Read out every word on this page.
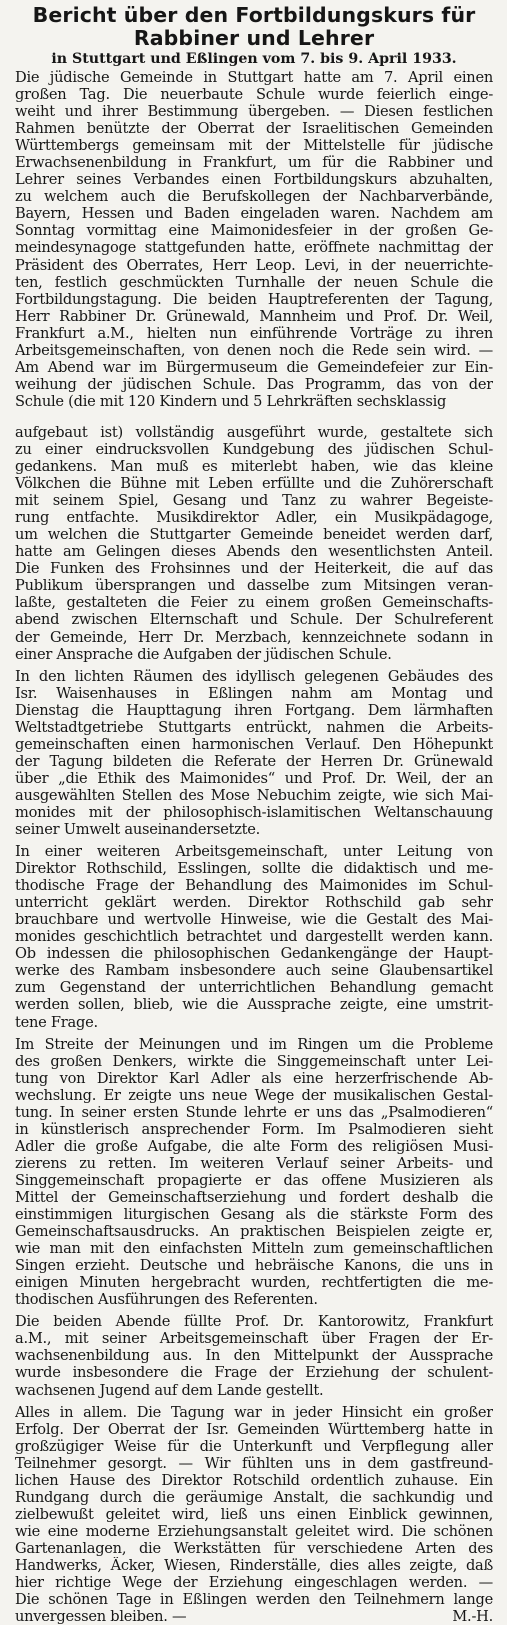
Bericht über den Fortbildungskurs für
Rabbiner und Lehrer
in Stuttgart und Eßlingen vom 7. bis 9. April 1933.
Die jüdische Gemeinde in Stuttgart hatte am 7. April einen
großen Tag. Die neuerbaute Schule wurde feierlich einge-
weiht und ihrer Bestimmung übergeben. — Diesen festlichen
Rahmen benützte der Oberrat der Israelitischen Gemeinden
Württembergs gemeinsam mit der Mittelstelle für jüdische
Erwachsenenbildung in Frankfurt, um für die Rabbiner und
Lehrer seines Verbandes einen Fortbildungskurs abzuhalten,
zu welchem auch die Berufskollegen der Nachbarverbände,
Bayern, Hessen und Baden eingeladen waren. Nachdem am
Sonntag vormittag eine Maimonidesfeier in der großen Ge-
meindesynagoge stattgefunden hatte, eröffnete nachmittag der
Präsident des Oberrates, Herr Leop. Levi, in der neuerrichte-
ten, festlich geschmückten Turnhalle der neuen Schule die
Fortbildungstagung. Die beiden Hauptreferenten der Tagung,
Herr Rabbiner Dr. Grünewald, Mannheim und Prof. Dr. Weil,
Frankfurt a.M., hielten nun einführende Vorträge zu ihren
Arbeitsgemeinschaften, von denen noch die Rede sein wird. —
Am Abend war im Bürgermuseum die Gemeindefeier zur Ein-
weihung der jüdischen Schule. Das Programm, das von der
Schule (die mit 120 Kindern und 5 Lehrkräften sechsklassig
aufgebaut ist) vollständig ausgeführt wurde, gestaltete sich
zu einer eindrucksvollen Kundgebung des jüdischen Schul-
gedankens. Man muß es miterlebt haben, wie das kleine
Völkchen die Bühne mit Leben erfüllte und die Zuhörerschaft
mit seinem Spiel, Gesang und Tanz zu wahrer Begeiste-
rung entfachte. Musikdirektor Adler, ein Musikpädagoge,
um welchen die Stuttgarter Gemeinde beneidet werden darf,
hatte am Gelingen dieses Abends den wesentlichsten Anteil.
Die Funken des Frohsinnes und der Heiterkeit, die auf das
Publikum übersprangen und dasselbe zum Mitsingen veran-
laßte, gestalteten die Feier zu einem großen Gemeinschafts-
abend zwischen Elternschaft und Schule. Der Schulreferent
der Gemeinde, Herr Dr. Merzbach, kennzeichnete sodann in
einer Ansprache die Aufgaben der jüdischen Schule.
In den lichten Räumen des idyllisch gelegenen Gebäudes des
Isr. Waisenhauses in Eßlingen nahm am Montag und
Dienstag die Haupttagung ihren Fortgang. Dem lärmhaften
Weltstadtgetriebe Stuttgarts entrückt, nahmen die Arbeits-
gemeinschaften einen harmonischen Verlauf. Den Höhepunkt
der Tagung bildeten die Referate der Herren Dr. Grünewald
über „die Ethik des Maimonides“ und Prof. Dr. Weil, der an
ausgewählten Stellen des Mose Nebuchim zeigte, wie sich Mai-
monides mit der philosophisch-islamitischen Weltanschauung
seiner Umwelt auseinandersetzte.
In einer weiteren Arbeitsgemeinschaft, unter Leitung von
Direktor Rothschild, Esslingen, sollte die didaktisch und me-
thodische Frage der Behandlung des Maimonides im Schul-
unterricht geklärt werden. Direktor Rothschild gab sehr
brauchbare und wertvolle Hinweise, wie die Gestalt des Mai-
monides geschichtlich betrachtet und dargestellt werden kann.
Ob indessen die philosophischen Gedankengänge der Haupt-
werke des Rambam insbesondere auch seine Glaubensartikel
zum Gegenstand der unterrichtlichen Behandlung gemacht
werden sollen, blieb, wie die Aussprache zeigte, eine umstrit-
tene Frage.
Im Streite der Meinungen und im Ringen um die Probleme
des großen Denkers, wirkte die Singgemeinschaft unter Lei-
tung von Direktor Karl Adler als eine herzerfrischende Ab-
wechslung. Er zeigte uns neue Wege der musikalischen Gestal-
tung. In seiner ersten Stunde lehrte er uns das „Psalmodieren“
in künstlerisch ansprechender Form. Im Psalmodieren sieht
Adler die große Aufgabe, die alte Form des religiösen Musi-
zierens zu retten. Im weiteren Verlauf seiner Arbeits- und
Singgemeinschaft propagierte er das offene Musizieren als
Mittel der Gemeinschaftserziehung und fordert deshalb die
einstimmigen liturgischen Gesang als die stärkste Form des
Gemeinschaftsausdrucks. An praktischen Beispielen zeigte er,
wie man mit den einfachsten Mitteln zum gemeinschaftlichen
Singen erzieht. Deutsche und hebräische Kanons, die uns in
einigen Minuten hergebracht wurden, rechtfertigten die me-
thodischen Ausführungen des Referenten.
Die beiden Abende füllte Prof. Dr. Kantorowitz, Frankfurt
a.M., mit seiner Arbeitsgemeinschaft über Fragen der Er-
wachsenenbildung aus. In den Mittelpunkt der Aussprache
wurde insbesondere die Frage der Erziehung der schulent-
wachsenen Jugend auf dem Lande gestellt.
Alles in allem. Die Tagung war in jeder Hinsicht ein großer
Erfolg. Der Oberrat der Isr. Gemeinden Württemberg hatte in
großzügiger Weise für die Unterkunft und Verpflegung aller
Teilnehmer gesorgt. — Wir fühlten uns in dem gastfreund-
lichen Hause des Direktor Rotschild ordentlich zuhause. Ein
Rundgang durch die geräumige Anstalt, die sachkundig und
zielbewußt geleitet wird, ließ uns einen Einblick gewinnen,
wie eine moderne Erziehungsanstalt geleitet wird. Die schönen
Gartenanlagen, die Werkstätten für verschiedene Arten des
Handwerks, Äcker, Wiesen, Rinderställe, dies alles zeigte, daß
hier richtige Wege der Erziehung eingeschlagen werden. —
Die schönen Tage in Eßlingen werden den Teilnehmern lange
unvergessen bleiben. —	M.-H.
